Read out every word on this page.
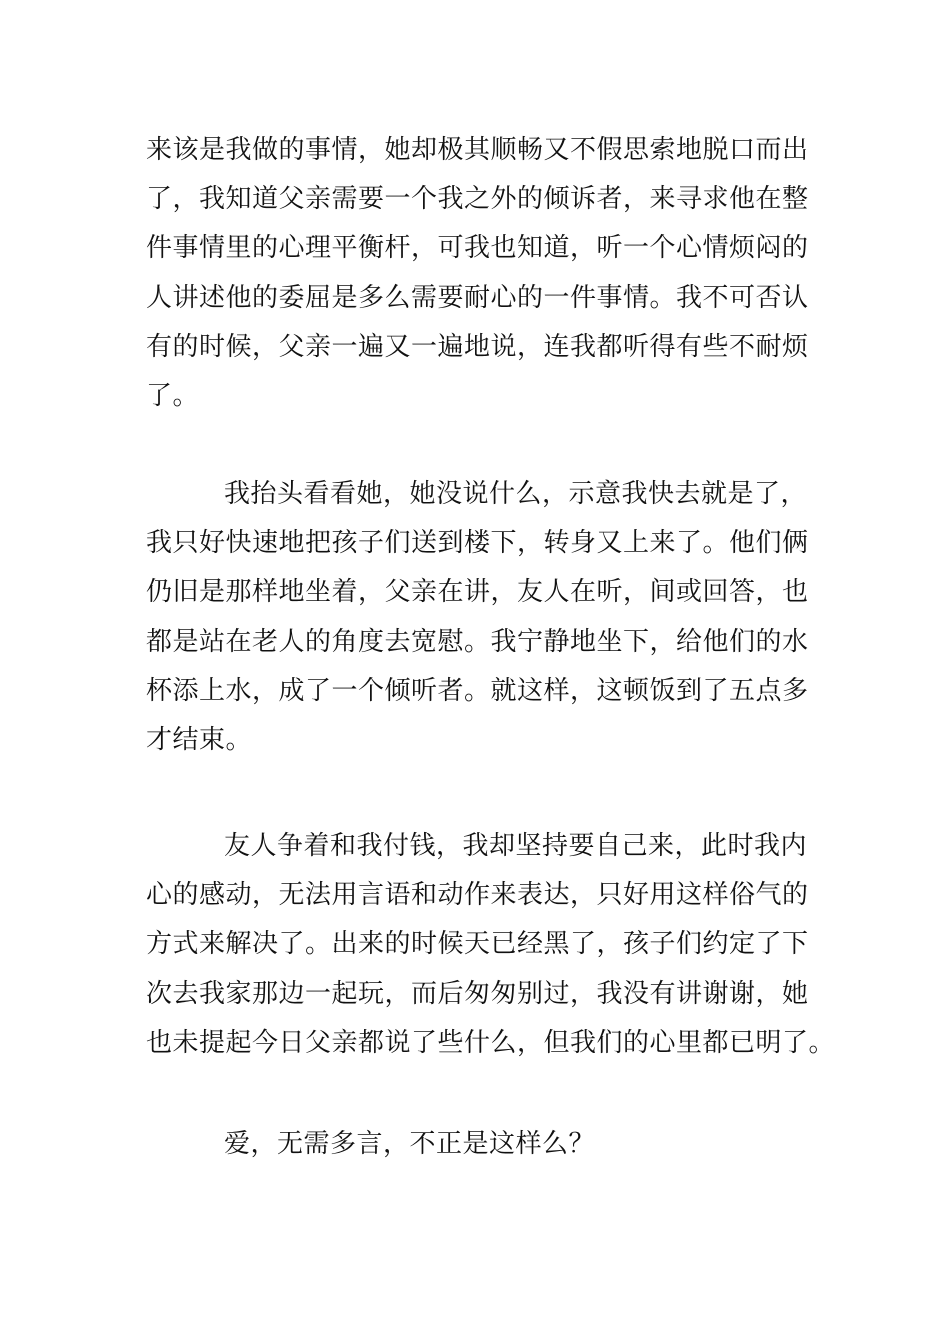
来该是我做的事情，她却极其顺畅又不假思索地脱口而出
了，我知道父亲需要一个我之外的倾诉者，来寻求他在整
件事情里的心理平衡杆，可我也知道，听一个心情烦闷的
人讲述他的委屈是多么需要耐心的一件事情。我不可否认
有的时候，父亲一遍又一遍地说，连我都听得有些不耐烦
了。
我抬头看看她，她没说什么，示意我快去就是了，
我只好快速地把孩子们送到楼下，转身又上来了。他们俩
仍旧是那样地坐着，父亲在讲，友人在听，间或回答，也
都是站在老人的角度去宽慰。我宁静地坐下，给他们的水
杯添上水，成了一个倾听者。就这样，这顿饭到了五点多
才结束。
友人争着和我付钱，我却坚持要自己来，此时我内
心的感动，无法用言语和动作来表达，只好用这样俗气的
方式来解决了。出来的时候天已经黑了，孩子们约定了下
次去我家那边一起玩，而后匆匆别过，我没有讲谢谢，她
也未提起今日父亲都说了些什么，但我们的心里都已明了。
爱，无需多言，不正是这样么？
